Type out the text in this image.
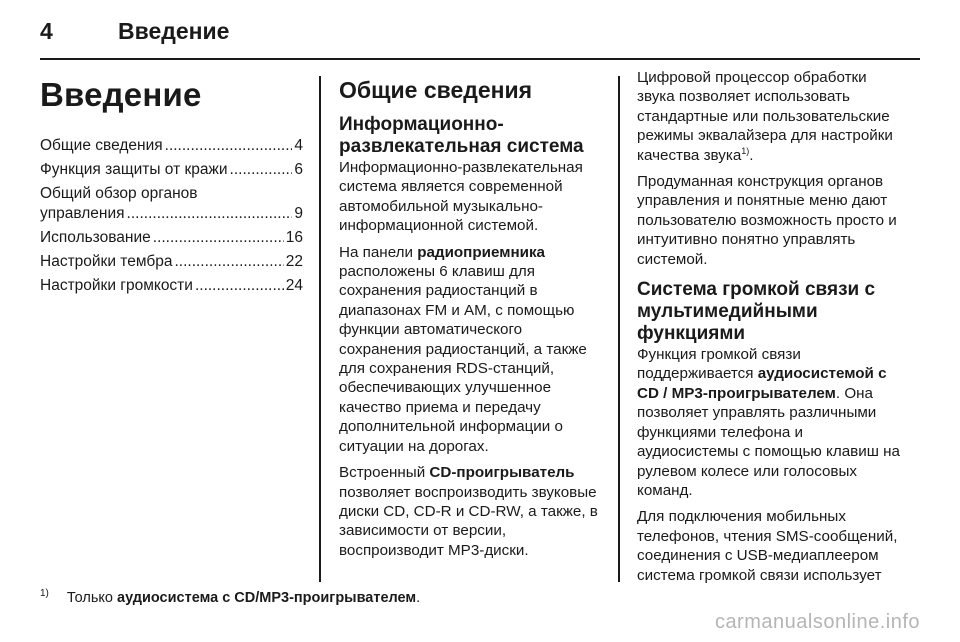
4	Введение
Введение
Общие сведения .....	4
Функция защиты от кражи .....	6
Общий обзор органов
управления .....	9
Использование .....	16
Настройки тембра .....	22
Настройки громкости .....	24
Общие сведения
Информационно-развлекательная система

Информационно-развлекательная система является современной автомобильной музыкально-информационной системой.

На панели радиоприемника расположены 6 клавиш для сохранения радиостанций в диапазонах FM и AM, с помощью функции автоматического сохранения радиостанций, а также для сохранения RDS-станций, обеспечивающих улучшенное качество приема и передачу дополнительной информации о ситуации на дорогах.

Встроенный CD-проигрыватель позволяет воспроизводить звуковые диски CD, CD-R и CD-RW, а также, в зависимости от версии, воспроизводит MP3-диски.

Цифровой процессор обработки звука позволяет использовать стандартные или пользовательские режимы эквалайзера для настройки качества звука$^{1)}$.

Продуманная конструкция органов управления и понятные меню дают пользователю возможность просто и интуитивно понятно управлять системой.

Система громкой связи с мультимедийными функциями

Функция громкой связи поддерживается аудиосистемой с CD / MP3-проигрывателем. Она позволяет управлять различными функциями телефона и аудиосистемы с помощью клавиш на рулевом колесе или голосовых команд.

Для подключения мобильных телефонов, чтения SMS-сообщений, соединения с USB-медиаплеером система громкой связи использует

$^{1)}$ Только аудиосистема с CD/MP3-проигрывателем.
carmanualsonline.info
